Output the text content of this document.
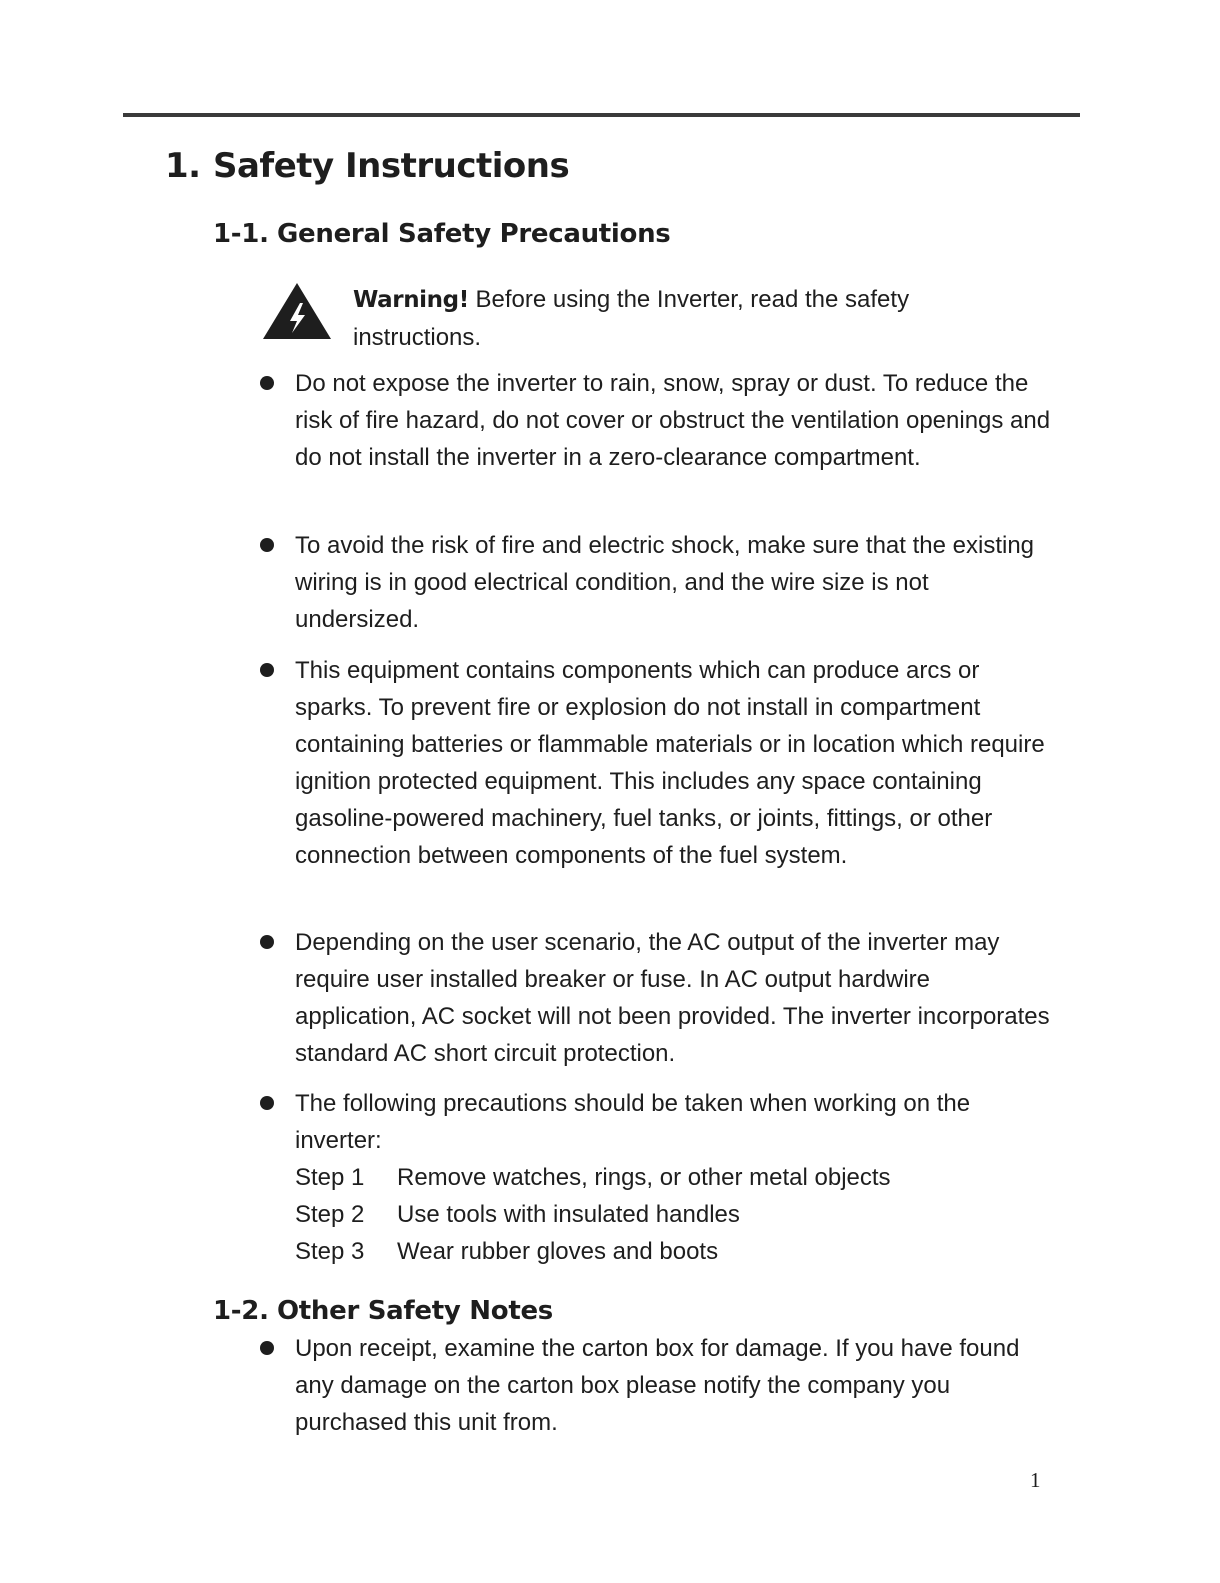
1. Safety Instructions
1-1. General Safety Precautions
Warning! Before using the Inverter, read the safety instructions.
Do not expose the inverter to rain, snow, spray or dust. To reduce the risk of fire hazard, do not cover or obstruct the ventilation openings and do not install the inverter in a zero-clearance compartment.
To avoid the risk of fire and electric shock, make sure that the existing wiring is in good electrical condition, and the wire size is not undersized.
This equipment contains components which can produce arcs or sparks. To prevent fire or explosion do not install in compartment containing batteries or flammable materials or in location which require ignition protected equipment. This includes any space containing gasoline-powered machinery, fuel tanks, or joints, fittings, or other connection between components of the fuel system.
Depending on the user scenario, the AC output of the inverter may require user installed breaker or fuse. In AC output hardwire application, AC socket will not been provided. The inverter incorporates standard AC short circuit protection.
The following precautions should be taken when working on the inverter:
Step 1 Remove watches, rings, or other metal objects
Step 2 Use tools with insulated handles
Step 3 Wear rubber gloves and boots
1-2. Other Safety Notes
Upon receipt, examine the carton box for damage. If you have found any damage on the carton box please notify the company you purchased this unit from.
1
